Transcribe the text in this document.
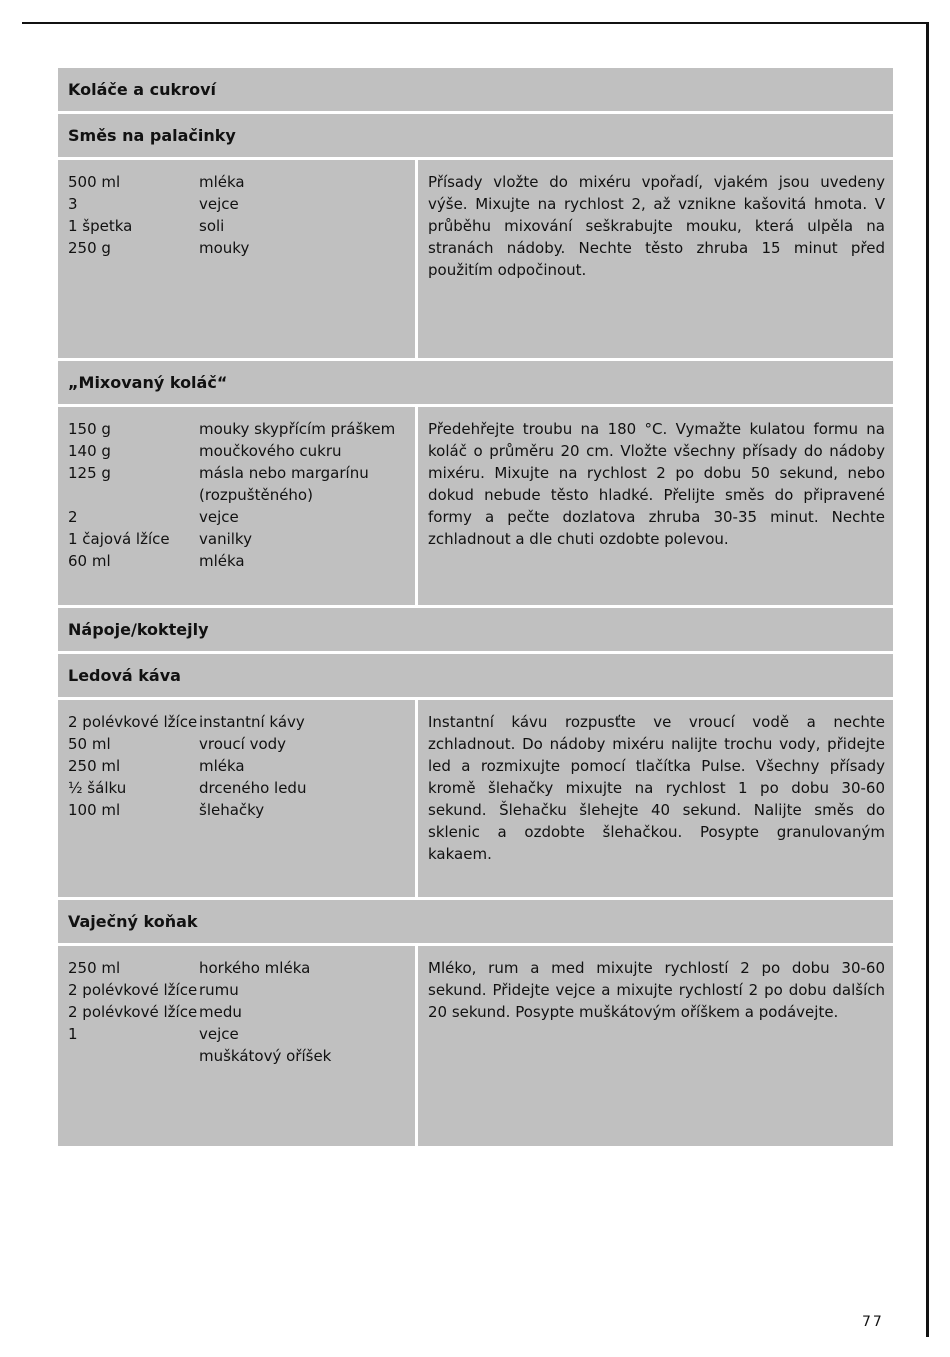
Koláče a cukroví
Směs na palačinky
500 ml	mléka
3	vejce
1 špetka	soli
250 g	mouky
Přísady vložte do mixéru vpořadí, vjakém jsou uvedeny výše. Mixujte na rychlost 2, až vznikne kašovitá hmota. V průběhu mixování seškrabujte mouku, která ulpěla na stranách nádoby. Nechte těsto zhruba 15 minut před použitím odpočinout.
„Mixovaný koláč“
150 g	mouky skypřícím práškem
140 g	moučkového cukru
125 g	másla nebo margarínu (rozpuštěného)
2	vejce
1 čajová lžíce	vanilky
60 ml	mléka
Předehřejte troubu na 180 °C. Vymažte kulatou formu na koláč o průměru 20 cm. Vložte všechny přísady do nádoby mixéru. Mixujte na rychlost 2 po dobu 50 sekund, nebo dokud nebude těsto hladké. Přelijte směs do připravené formy a pečte dozlatova zhruba 30-35 minut. Nechte zchladnout a dle chuti ozdobte polevou.
Nápoje/koktejly
Ledová káva
2 polévkové lžíce instantní kávy
50 ml	vroucí vody
250 ml	mléka
½ šálku	drceného ledu
100 ml	šlehačky
Instantní kávu rozpusťte ve vroucí vodě a nechte zchladnout. Do nádoby mixéru nalijte trochu vody, přidejte led a rozmixujte pomocí tlačítka Pulse. Všechny přísady kromě šlehačky mixujte na rychlost 1 po dobu 30-60 sekund. Šlehačku šlehejte 40 sekund. Nalijte směs do sklenic a ozdobte šlehačkou. Posypte granulovaným kakaem.
Vaječný koňak
250 ml	horkého mléka
2 polévkové lžíce rumu
2 polévkové lžíce medu
1	vejce
muškátový oříšek
Mléko, rum a med mixujte rychlostí 2 po dobu 30-60 sekund. Přidejte vejce a mixujte rychlostí 2 po dobu dalších 20 sekund. Posypte muškátovým oříškem a podávejte.
77
